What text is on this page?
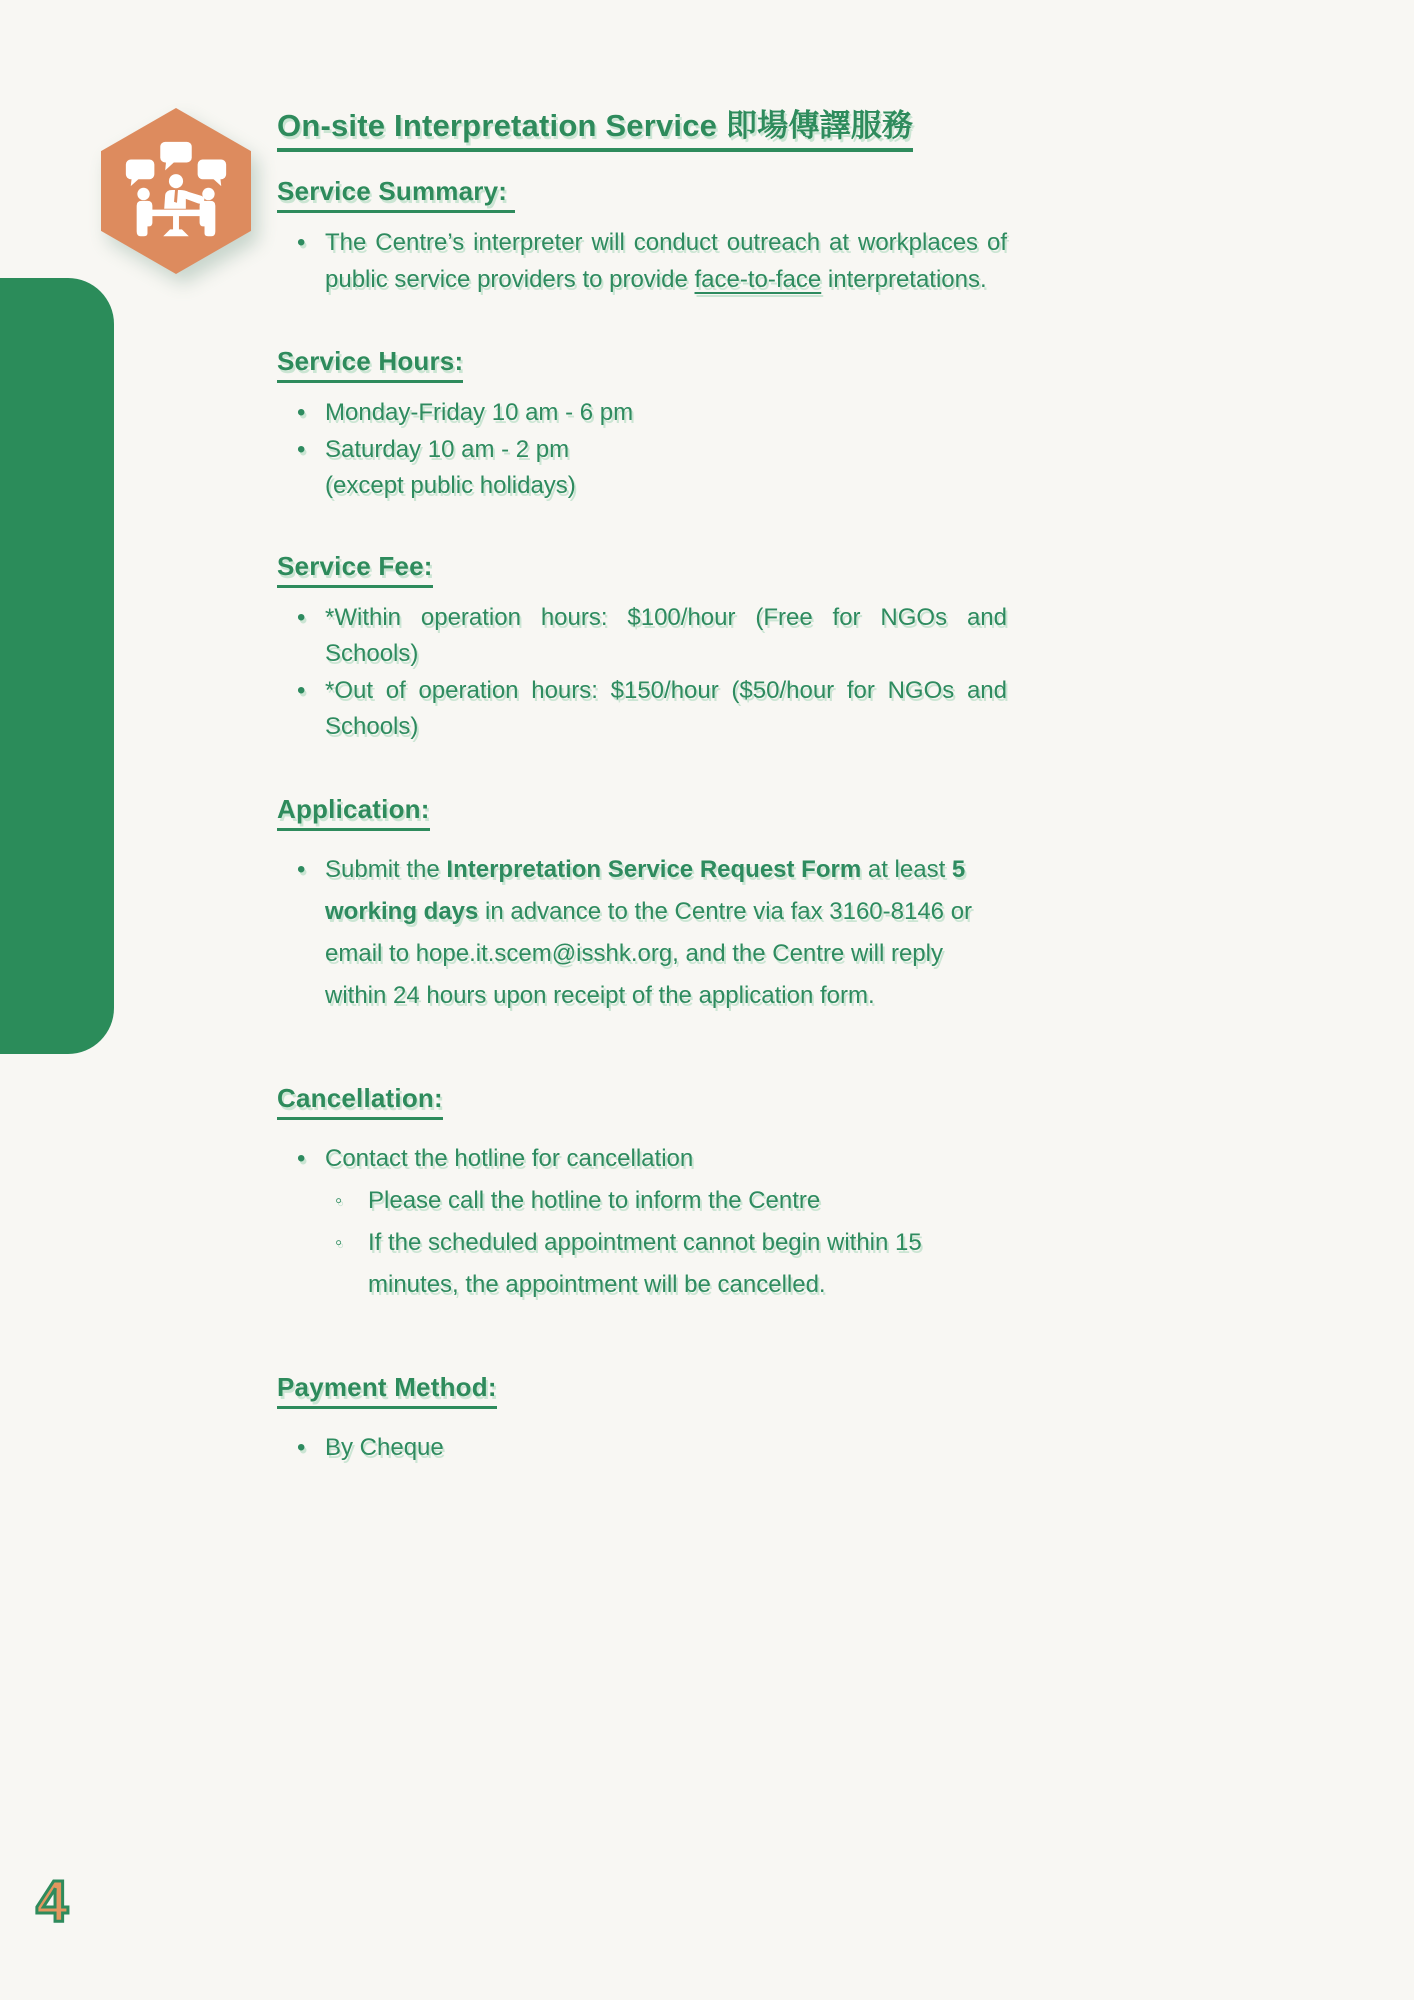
On-site Interpretation Service 即場傳譯服務
Service Summary:
• The Centre’s interpreter will conduct outreach at workplaces of public service providers to provide face-to-face interpretations.
Service Hours:
• Monday-Friday 10 am - 6 pm
• Saturday 10 am - 2 pm
(except public holidays)
Service Fee:
• *Within operation hours: $100/hour (Free for NGOs and Schools)
• *Out of operation hours: $150/hour ($50/hour for NGOs and Schools)
Application:
• Submit the Interpretation Service Request Form at least 5 working days in advance to the Centre via fax 3160-8146 or email to hope.it.scem@isshk.org, and the Centre will reply within 24 hours upon receipt of the application form.
Cancellation:
• Contact the hotline for cancellation
◦ Please call the hotline to inform the Centre
◦ If the scheduled appointment cannot begin within 15 minutes, the appointment will be cancelled.
Payment Method:
• By Cheque
4
